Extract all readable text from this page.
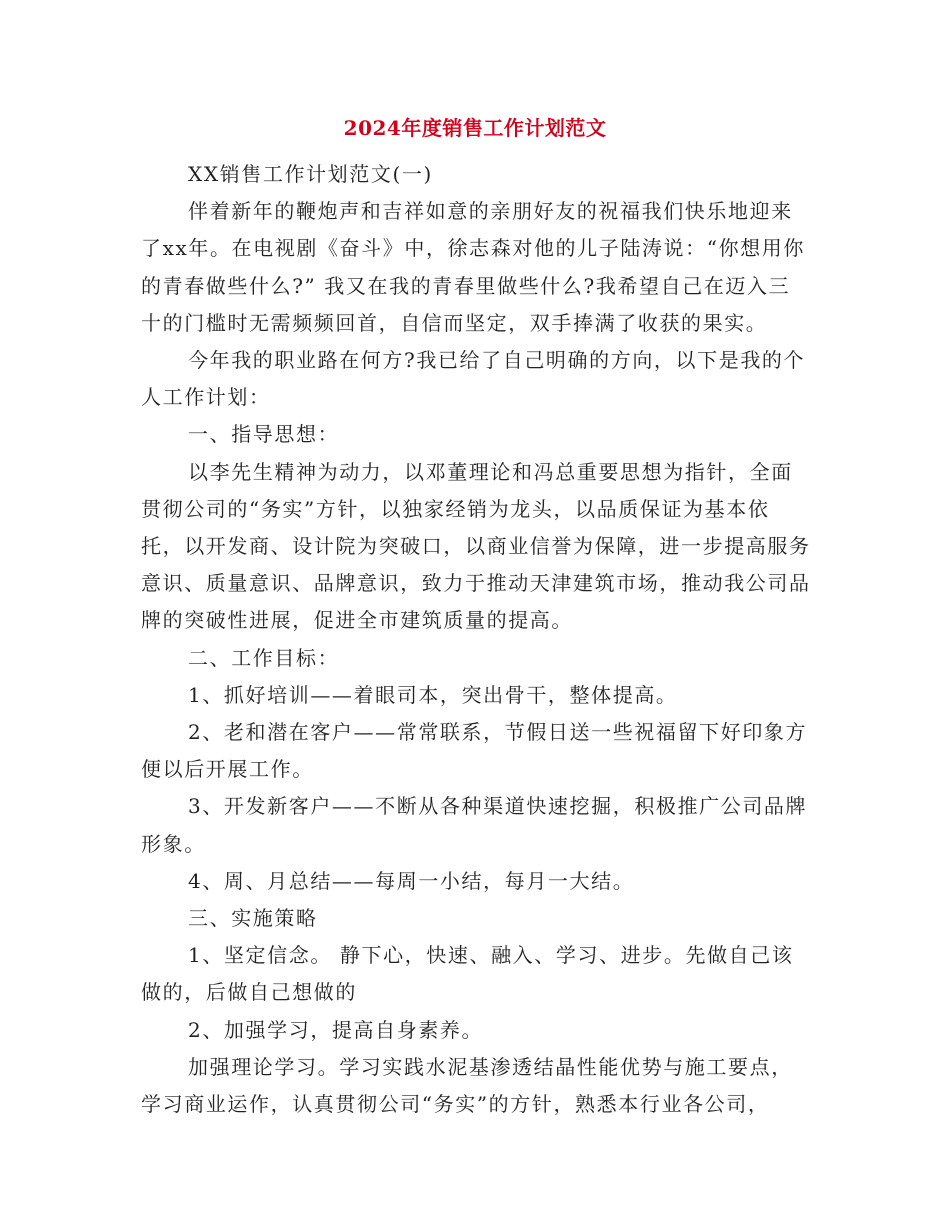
2024年度销售工作计划范文

XX销售工作计划范文(一)

伴着新年的鞭炮声和吉祥如意的亲朋好友的祝福我们快乐地迎来了xx年。在电视剧《奋斗》中，徐志森对他的儿子陆涛说：“你想用你的青春做些什么?” 我又在我的青春里做些什么?我希望自己在迈入三十的门槛时无需频频回首，自信而坚定，双手捧满了收获的果实。

今年我的职业路在何方?我已给了自己明确的方向，以下是我的个人工作计划：

一、指导思想：

以李先生精神为动力，以邓董理论和冯总重要思想为指针，全面贯彻公司的“务实”方针，以独家经销为龙头，以品质保证为基本依托，以开发商、设计院为突破口，以商业信誉为保障，进一步提高服务意识、质量意识、品牌意识，致力于推动天津建筑市场，推动我公司品牌的突破性进展，促进全市建筑质量的提高。

二、工作目标：

1、抓好培训——着眼司本，突出骨干，整体提高。

2、老和潜在客户——常常联系，节假日送一些祝福留下好印象方便以后开展工作。

3、开发新客户——不断从各种渠道快速挖掘，积极推广公司品牌形象。

4、周、月总结——每周一小结，每月一大结。

三、实施策略

1、坚定信念。 静下心，快速、融入、学习、进步。先做自己该做的，后做自己想做的

2、加强学习，提高自身素养。

加强理论学习。学习实践水泥基渗透结晶性能优势与施工要点，学习商业运作，认真贯彻公司“务实”的方针，熟悉本行业各公司，
